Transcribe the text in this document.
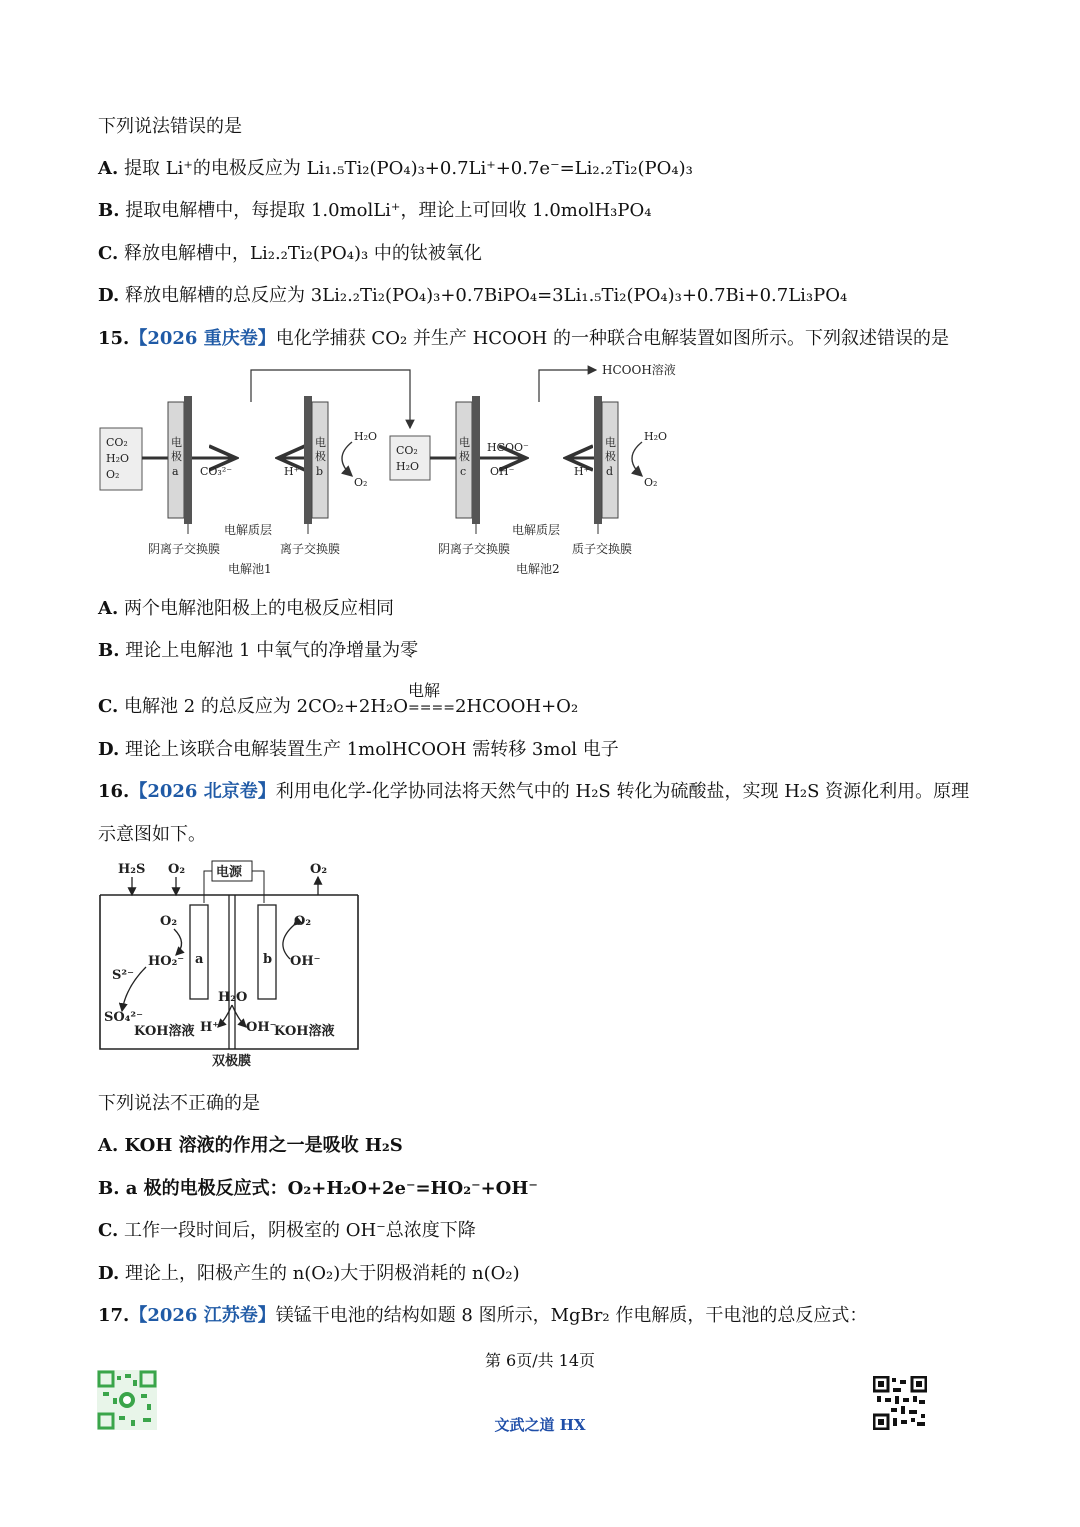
下列说法错误的是
A. 提取 Li⁺的电极反应为 Li₁.₅Ti₂(PO₄)₃+0.7Li⁺+0.7e⁻=Li₂.₂Ti₂(PO₄)₃
B. 提取电解槽中，每提取 1.0molLi⁺，理论上可回收 1.0molH₃PO₄
C. 释放电解槽中，Li₂.₂Ti₂(PO₄)₃ 中的钛被氧化
D. 释放电解槽的总反应为 3Li₂.₂Ti₂(PO₄)₃+0.7BiPO₄=3Li₁.₅Ti₂(PO₄)₃+0.7Bi+0.7Li₃PO₄
15.【2026 重庆卷】电化学捕获 CO₂ 并生产 HCOOH 的一种联合电解装置如图所示。下列叙述错误的是
HCOOH溶液
CO₂
H₂O
O₂
电
极
a CO₃²⁻	H⁺
电
极
b
H₂O
O₂
CO₂
H₂O
电
极
c
HCOO⁻
OH⁻	H⁺
电
极
d
H₂O
O₂
电解质层	电解质层
阴离子交换膜	离子交换膜	阴离子交换膜	质子交换膜
电解池1	电解池2
A. 两个电解池阳极上的电极反应相同
B. 理论上电解池 1 中氧气的净增量为零
C. 电解池 2 的总反应为 2CO₂+2H₂O
电解
====2HCOOH+O₂
D. 理论上该联合电解装置生产 1molHCOOH 需转移 3mol 电子
16.【2026 北京卷】利用电化学-化学协同法将天然气中的 H₂S 转化为硫酸盐，实现 H₂S 资源化利用。原理
示意图如下。
H₂S O₂ 电源	O₂
a	b
O₂
HO₂⁻
S²⁻
SO₄²⁻
KOH溶液
O₂
OH⁻
KOH溶液
H₂O
H⁺ OH⁻
双极膜
下列说法不正确的是
A. KOH 溶液的作用之一是吸收 H₂S
B. a 极的电极反应式：O₂+H₂O+2e⁻=HO₂⁻+OH⁻
C. 工作一段时间后，阴极室的 OH⁻总浓度下降
D. 理论上，阳极产生的 n(O₂)大于阴极消耗的 n(O₂)
17.【2026 江苏卷】镁锰干电池的结构如题 8 图所示，MgBr₂ 作电解质，干电池的总反应式：
第 6页/共 14页
文武之道 HX
